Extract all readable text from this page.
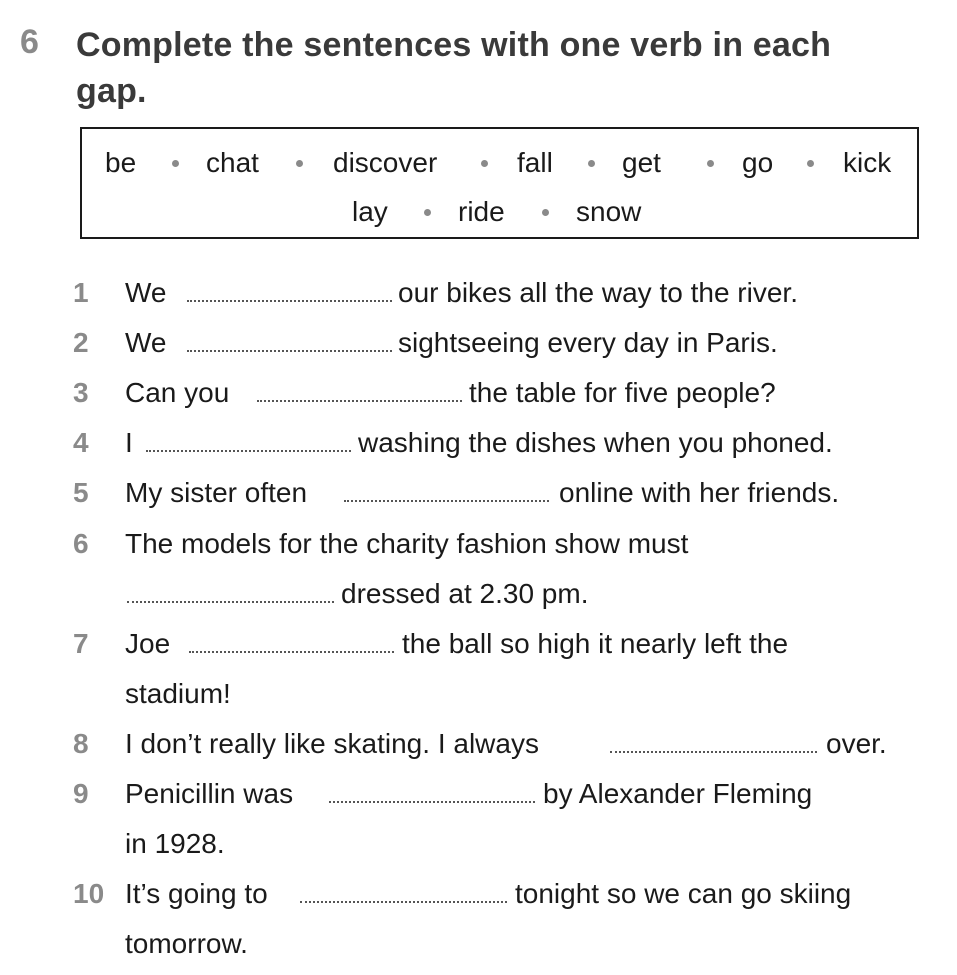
6 Complete the sentences with one verb in each gap.
be chat	discover	fall get	go kick
lay	ride	snow
1	We	our bikes all the way to the river.
2	We	sightseeing every day in Paris.
3	Can you	the table for five people?
4	I	washing the dishes when you phoned.
5	My sister often	online with her friends.
6	The models for the charity fashion show must
dressed at 2.30 pm.
7	Joe	the ball so high it nearly left the
stadium!
8	I don’t really like skating. I always	over.
9	Penicillin was	by Alexander Fleming
in 1928.
10 It’s going to	tonight so we can go skiing
tomorrow.
